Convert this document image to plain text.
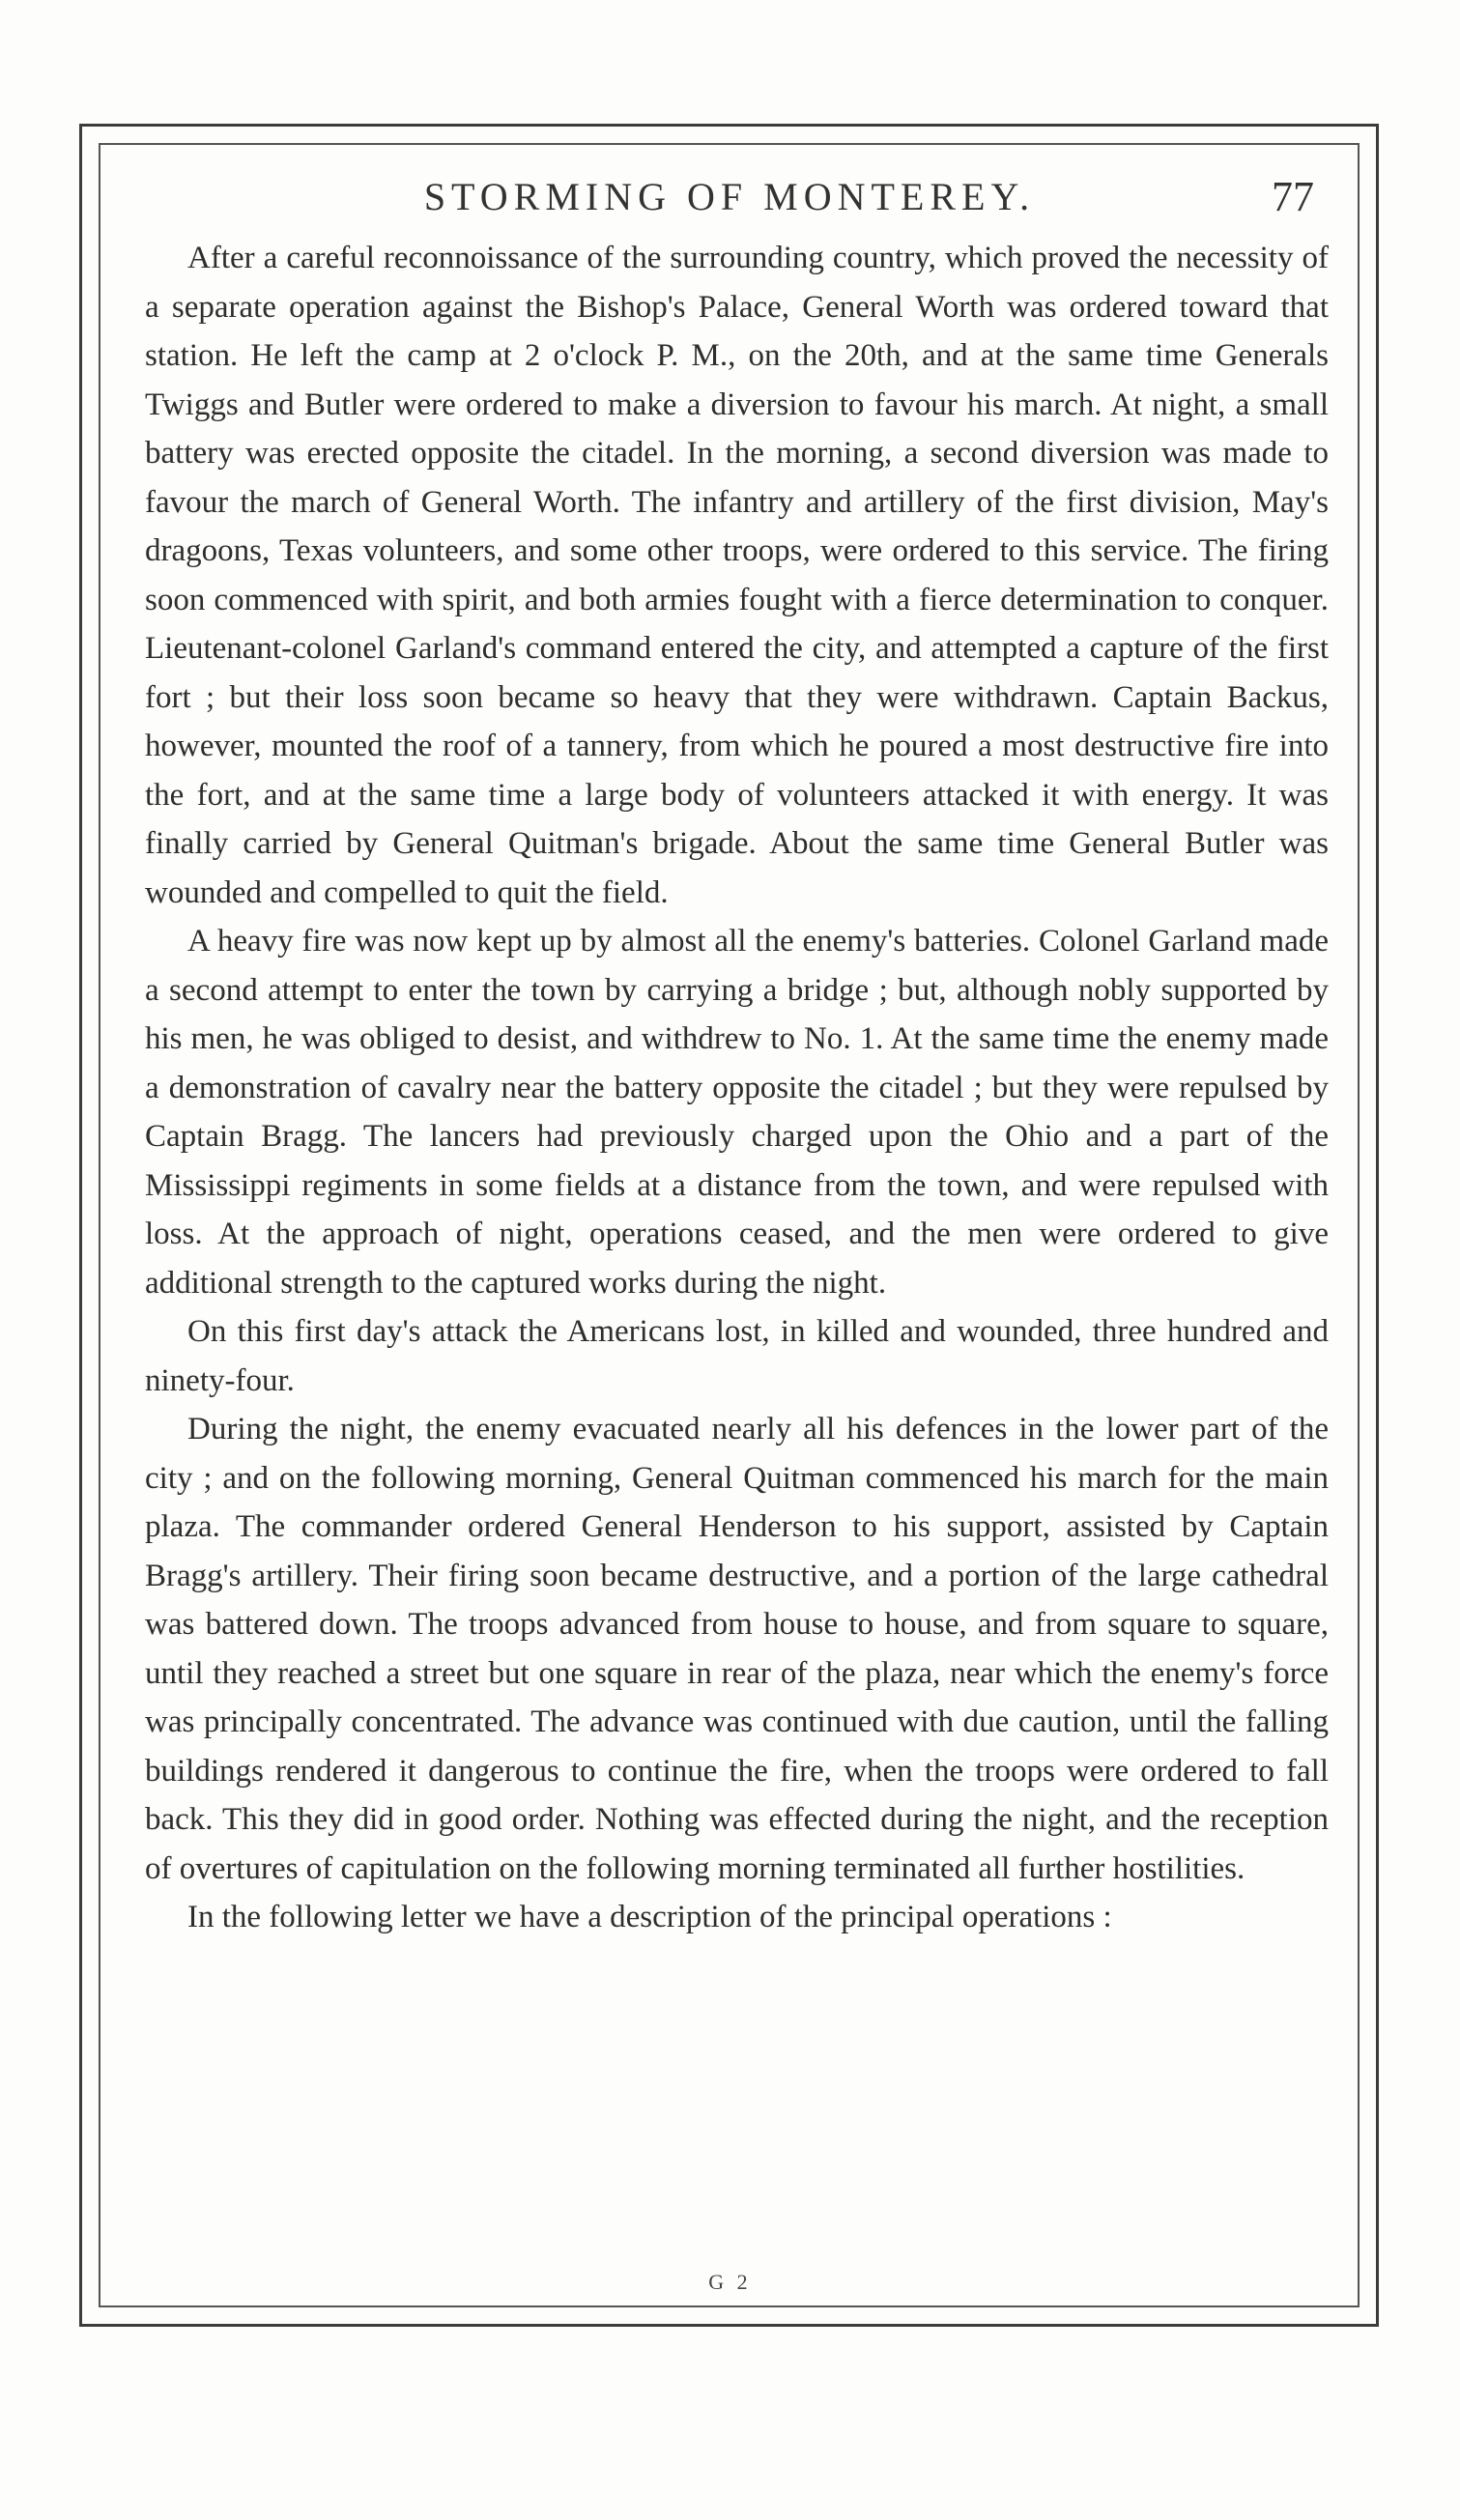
STORMING OF MONTEREY.	77

After a careful reconnoissance of the surrounding country, which proved the necessity of a separate operation against the Bishop's Palace, General Worth was ordered toward that station. He left the camp at 2 o'clock P. M., on the 20th, and at the same time Generals Twiggs and Butler were ordered to make a diversion to favour his march. At night, a small battery was erected opposite the citadel. In the morning, a second diversion was made to favour the march of General Worth. The infantry and artillery of the first division, May's dragoons, Texas volunteers, and some other troops, were ordered to this service. The firing soon commenced with spirit, and both armies fought with a fierce determination to conquer. Lieutenant-colonel Garland's command entered the city, and attempted a capture of the first fort ; but their loss soon became so heavy that they were withdrawn. Captain Backus, however, mounted the roof of a tannery, from which he poured a most destructive fire into the fort, and at the same time a large body of volunteers attacked it with energy. It was finally carried by General Quitman's brigade. About the same time General Butler was wounded and compelled to quit the field.

A heavy fire was now kept up by almost all the enemy's batteries. Colonel Garland made a second attempt to enter the town by carrying a bridge ; but, although nobly supported by his men, he was obliged to desist, and withdrew to No. 1. At the same time the enemy made a demonstration of cavalry near the battery opposite the citadel ; but they were repulsed by Captain Bragg. The lancers had previously charged upon the Ohio and a part of the Mississippi regiments in some fields at a distance from the town, and were repulsed with loss. At the approach of night, operations ceased, and the men were ordered to give additional strength to the captured works during the night.

On this first day's attack the Americans lost, in killed and wounded, three hundred and ninety-four.

During the night, the enemy evacuated nearly all his defences in the lower part of the city ; and on the following morning, General Quitman commenced his march for the main plaza. The commander ordered General Henderson to his support, assisted by Captain Bragg's artillery. Their firing soon became destructive, and a portion of the large cathedral was battered down. The troops advanced from house to house, and from square to square, until they reached a street but one square in rear of the plaza, near which the enemy's force was principally concentrated. The advance was continued with due caution, until the falling buildings rendered it dangerous to continue the fire, when the troops were ordered to fall back. This they did in good order. Nothing was effected during the night, and the reception of overtures of capitulation on the following morning terminated all further hostilities.

In the following letter we have a description of the principal operations :

G 2
